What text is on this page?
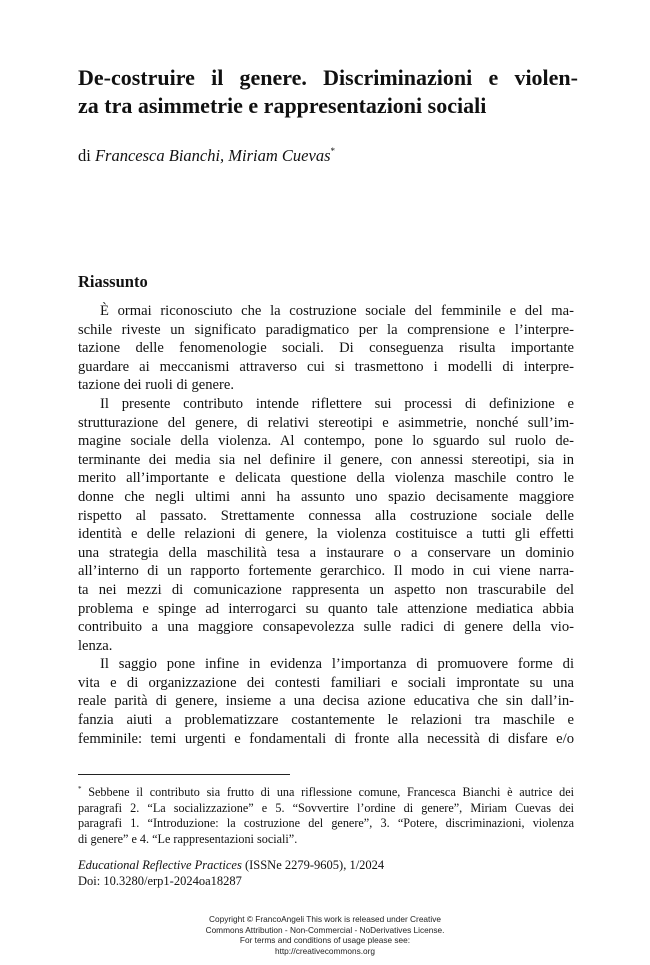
De-costruire il genere. Discriminazioni e violen-
za tra asimmetrie e rappresentazioni sociali
di Francesca Bianchi, Miriam Cuevas*
Riassunto
È ormai riconosciuto che la costruzione sociale del femminile e del ma-
schile riveste un significato paradigmatico per la comprensione e l’interpre-
tazione delle fenomenologie sociali. Di conseguenza risulta importante
guardare ai meccanismi attraverso cui si trasmettono i modelli di interpre-
tazione dei ruoli di genere.
Il presente contributo intende riflettere sui processi di definizione e
strutturazione del genere, di relativi stereotipi e asimmetrie, nonché sull’im-
magine sociale della violenza. Al contempo, pone lo sguardo sul ruolo de-
terminante dei media sia nel definire il genere, con annessi stereotipi, sia in
merito all’importante e delicata questione della violenza maschile contro le
donne che negli ultimi anni ha assunto uno spazio decisamente maggiore
rispetto al passato. Strettamente connessa alla costruzione sociale delle
identità e delle relazioni di genere, la violenza costituisce a tutti gli effetti
una strategia della maschilità tesa a instaurare o a conservare un dominio
all’interno di un rapporto fortemente gerarchico. Il modo in cui viene narra-
ta nei mezzi di comunicazione rappresenta un aspetto non trascurabile del
problema e spinge ad interrogarci su quanto tale attenzione mediatica abbia
contribuito a una maggiore consapevolezza sulle radici di genere della vio-
lenza.
Il saggio pone infine in evidenza l’importanza di promuovere forme di
vita e di organizzazione dei contesti familiari e sociali improntate su una
reale parità di genere, insieme a una decisa azione educativa che sin dall’in-
fanzia aiuti a problematizzare costantemente le relazioni tra maschile e
femminile: temi urgenti e fondamentali di fronte alla necessità di disfare e/o
* Sebbene il contributo sia frutto di una riflessione comune, Francesca Bianchi è autrice dei
paragrafi 2. “La socializzazione” e 5. “Sovvertire l’ordine di genere”, Miriam Cuevas dei
paragrafi 1. “Introduzione: la costruzione del genere”, 3. “Potere, discriminazioni, violenza
di genere” e 4. “Le rappresentazioni sociali”.
Educational Reflective Practices (ISSNe 2279-9605), 1/2024
Doi: 10.3280/erp1-2024oa18287
Copyright © FrancoAngeli This work is released under Creative
Commons Attribution - Non-Commercial - NoDerivatives License.
For terms and conditions of usage please see:
http://creativecommons.org
